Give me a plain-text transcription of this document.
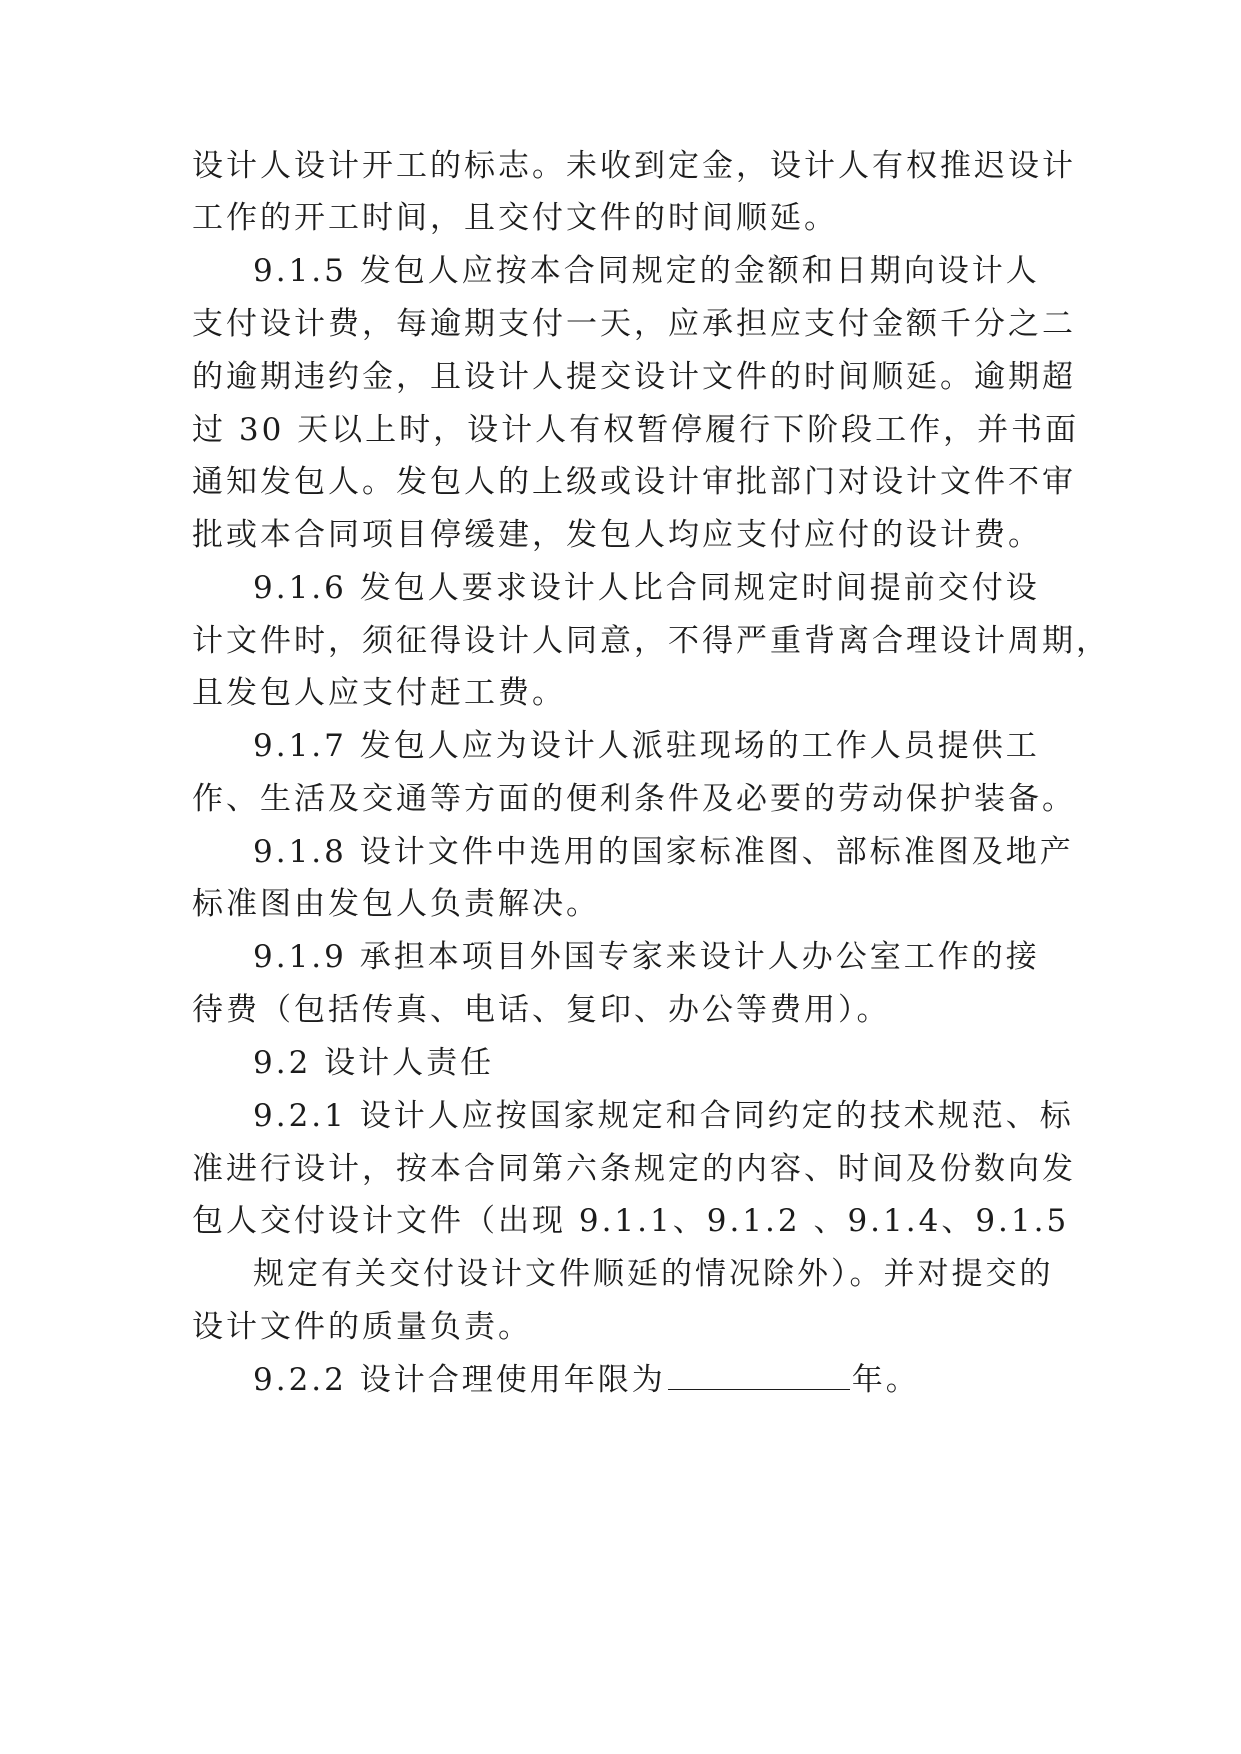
设计人设计开工的标志。未收到定金，设计人有权推迟设计
工作的开工时间，且交付文件的时间顺延。
9.1.5 发包人应按本合同规定的金额和日期向设计人
支付设计费，每逾期支付一天，应承担应支付金额千分之二
的逾期违约金，且设计人提交设计文件的时间顺延。逾期超
过 30 天以上时，设计人有权暂停履行下阶段工作，并书面
通知发包人。发包人的上级或设计审批部门对设计文件不审
批或本合同项目停缓建，发包人均应支付应付的设计费。
9.1.6 发包人要求设计人比合同规定时间提前交付设
计文件时，须征得设计人同意，不得严重背离合理设计周期，
且发包人应支付赶工费。
9.1.7 发包人应为设计人派驻现场的工作人员提供工
作、生活及交通等方面的便利条件及必要的劳动保护装备。
9.1.8 设计文件中选用的国家标准图、部标准图及地产
标准图由发包人负责解决。
9.1.9 承担本项目外国专家来设计人办公室工作的接
待费（包括传真、电话、复印、办公等费用）。
9.2 设计人责任
9.2.1 设计人应按国家规定和合同约定的技术规范、标
准进行设计，按本合同第六条规定的内容、时间及份数向发
包人交付设计文件（出现 9.1.1、9.1.2 、9.1.4、9.1.5
规定有关交付设计文件顺延的情况除外）。并对提交的
设计文件的质量负责。
9.2.2 设计合理使用年限为	年。
